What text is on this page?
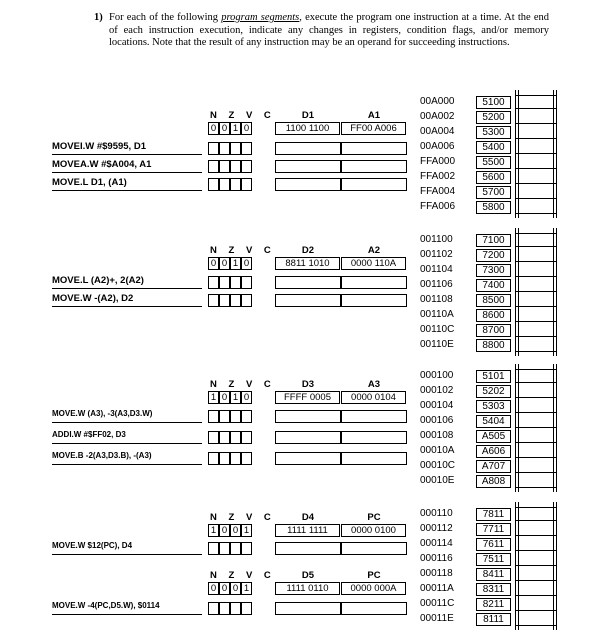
1) For each of the following program segments, execute the program one instruction at a time. At the end of each instruction execution, indicate any changes in registers, condition flags, and/or memory locations. Note that the result of any instruction may be an operand for succeeding instructions.
N Z V C	D1	A1
0 0 1 0	1100 1100	FF00 A006
MOVEI.W #$9595, D1
MOVEA.W #$A004, A1
MOVE.L D1, (A1)
00A000	5100
00A002	5200
00A004	5300
00A006	5400
FFA000	5500
FFA002	5600
FFA004	5700
FFA006	5800
N Z V C	D2	A2
0 0 1 0	8811 1010	0000 110A
MOVE.L (A2)+, 2(A2)
MOVE.W -(A2), D2
001100	7100
001102	7200
001104	7300
001106	7400
001108	8500
00110A	8600
00110C	8700
00110E	8800
N Z V C	D3	A3
1 0 1 0	FFFF 0005	0000 0104
MOVE.W (A3), -3(A3,D3.W)
ADDI.W #$FF02, D3
MOVE.B -2(A3,D3.B), -(A3)
000100	5101
000102	5202
000104	5303
000106	5404
000108	A505
00010A	A606
00010C	A707
00010E	A808
N Z V C	D4	PC
1 0 0 1	1111 1111	0000 0100
MOVE.W $12(PC), D4
N Z V C	D5	PC
0 0 0 1	1111 0110	0000 000A
MOVE.W -4(PC,D5.W), $0114
000110	7811
000112	7711
000114	7611
000116	7511
000118	8411
00011A	8311
00011C	8211
00011E	8111
